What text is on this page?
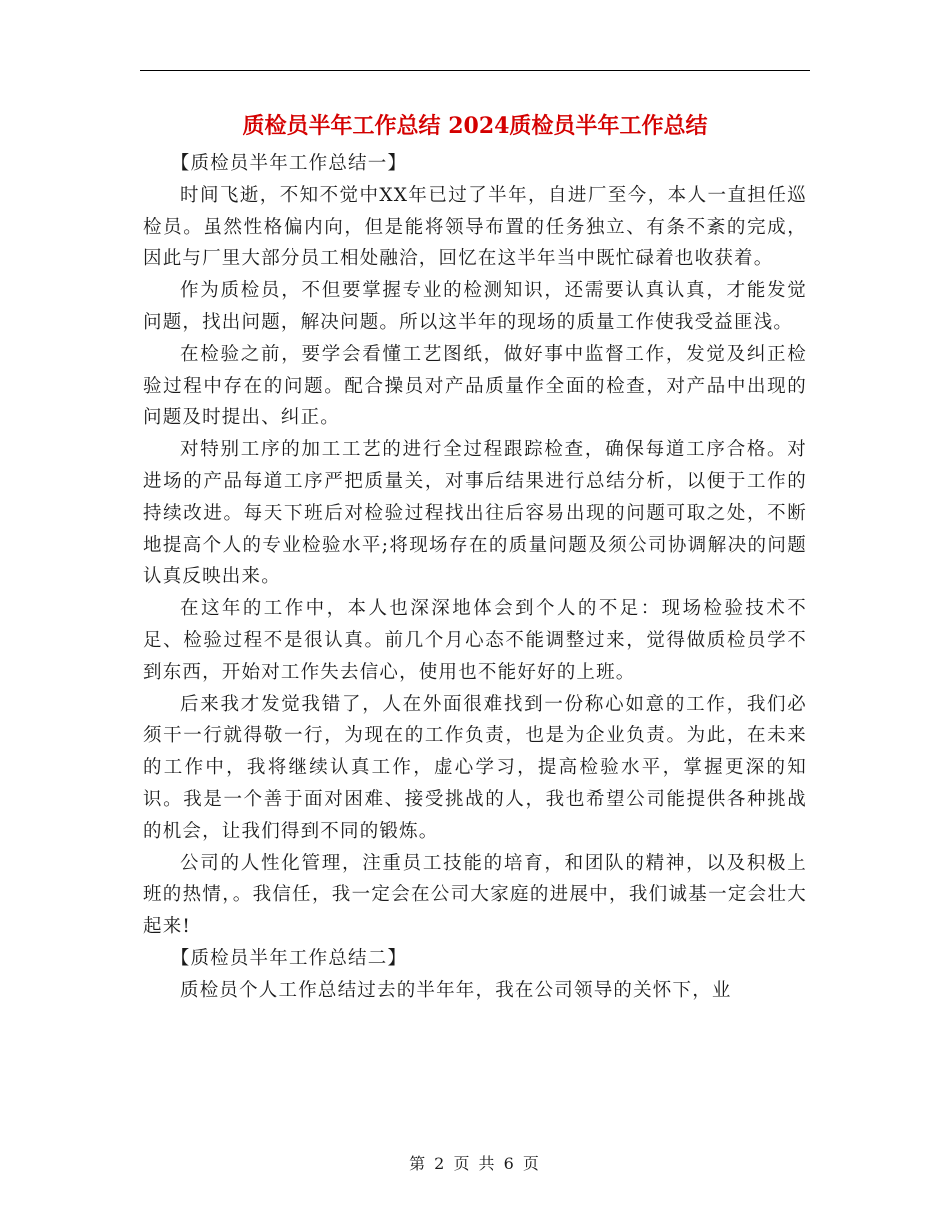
质检员半年工作总结 2024质检员半年工作总结

【质检员半年工作总结一】

时间飞逝，不知不觉中XX年已过了半年，自进厂至今，本人一直担任巡检员。虽然性格偏内向，但是能将领导布置的任务独立、有条不紊的完成，因此与厂里大部分员工相处融洽，回忆在这半年当中既忙碌着也收获着。

作为质检员，不但要掌握专业的检测知识，还需要认真认真，才能发觉问题，找出问题，解决问题。所以这半年的现场的质量工作使我受益匪浅。

在检验之前，要学会看懂工艺图纸，做好事中监督工作，发觉及纠正检验过程中存在的问题。配合操员对产品质量作全面的检查，对产品中出现的问题及时提出、纠正。

对特别工序的加工工艺的进行全过程跟踪检查，确保每道工序合格。对进场的产品每道工序严把质量关，对事后结果进行总结分析，以便于工作的持续改进。每天下班后对检验过程找出往后容易出现的问题可取之处，不断地提高个人的专业检验水平;将现场存在的质量问题及须公司协调解决的问题认真反映出来。

在这年的工作中，本人也深深地体会到个人的不足：现场检验技术不足、检验过程不是很认真。前几个月心态不能调整过来，觉得做质检员学不到东西，开始对工作失去信心，使用也不能好好的上班。

后来我才发觉我错了，人在外面很难找到一份称心如意的工作，我们必须干一行就得敬一行，为现在的工作负责，也是为企业负责。为此，在未来的工作中，我将继续认真工作，虚心学习，提高检验水平，掌握更深的知识。我是一个善于面对困难、接受挑战的人，我也希望公司能提供各种挑战的机会，让我们得到不同的锻炼。

公司的人性化管理，注重员工技能的培育，和团队的精神，以及积极上班的热情，。我信任，我一定会在公司大家庭的进展中，我们诚基一定会壮大起来!

【质检员半年工作总结二】

质检员个人工作总结过去的半年年，我在公司领导的关怀下，业

第 2 页 共 6 页
